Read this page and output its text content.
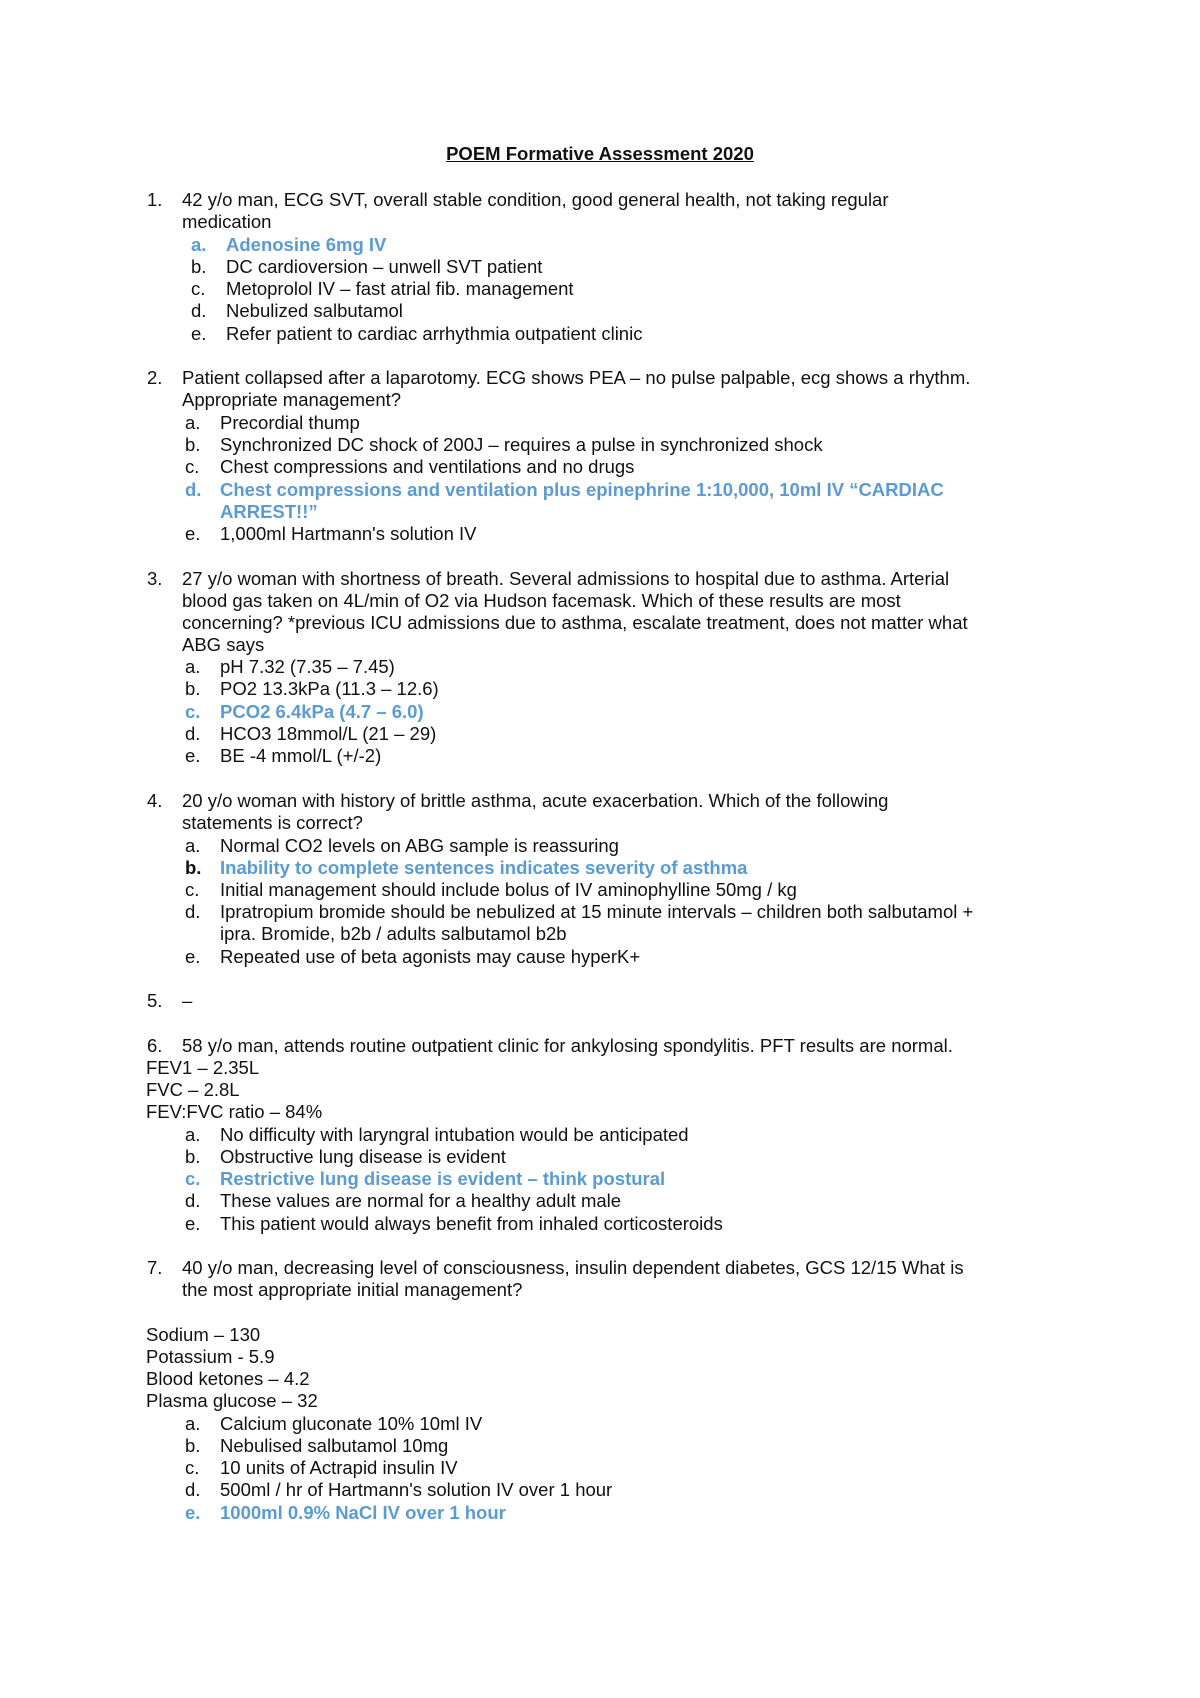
POEM Formative Assessment 2020
1. 42 y/o man, ECG SVT, overall stable condition, good general health, not taking regular
medication
a. Adenosine 6mg IV
b. DC cardioversion – unwell SVT patient
c. Metoprolol IV – fast atrial fib. management
d. Nebulized salbutamol
e. Refer patient to cardiac arrhythmia outpatient clinic
2. Patient collapsed after a laparotomy. ECG shows PEA – no pulse palpable, ecg shows a rhythm.
Appropriate management?
a. Precordial thump
b. Synchronized DC shock of 200J – requires a pulse in synchronized shock
c. Chest compressions and ventilations and no drugs
d. Chest compressions and ventilation plus epinephrine 1:10,000, 10ml IV “CARDIAC
ARREST!!”
e. 1,000ml Hartmann's solution IV
3. 27 y/o woman with shortness of breath. Several admissions to hospital due to asthma. Arterial
blood gas taken on 4L/min of O2 via Hudson facemask. Which of these results are most
concerning? *previous ICU admissions due to asthma, escalate treatment, does not matter what
ABG says
a. pH 7.32 (7.35 – 7.45)
b. PO2 13.3kPa (11.3 – 12.6)
c. PCO2 6.4kPa (4.7 – 6.0)
d. HCO3 18mmol/L (21 – 29)
e. BE -4 mmol/L (+/-2)
4. 20 y/o woman with history of brittle asthma, acute exacerbation. Which of the following
statements is correct?
a. Normal CO2 levels on ABG sample is reassuring
b. Inability to complete sentences indicates severity of asthma
c. Initial management should include bolus of IV aminophylline 50mg / kg
d. Ipratropium bromide should be nebulized at 15 minute intervals – children both salbutamol +
ipra. Bromide, b2b / adults salbutamol b2b
e. Repeated use of beta agonists may cause hyperK+
5. –
6. 58 y/o man, attends routine outpatient clinic for ankylosing spondylitis. PFT results are normal.
FEV1 – 2.35L
FVC – 2.8L
FEV:FVC ratio – 84%
a. No difficulty with laryngral intubation would be anticipated
b. Obstructive lung disease is evident
c. Restrictive lung disease is evident – think postural
d. These values are normal for a healthy adult male
e. This patient would always benefit from inhaled corticosteroids
7. 40 y/o man, decreasing level of consciousness, insulin dependent diabetes, GCS 12/15 What is
the most appropriate initial management?
Sodium – 130
Potassium - 5.9
Blood ketones – 4.2
Plasma glucose – 32
a. Calcium gluconate 10% 10ml IV
b. Nebulised salbutamol 10mg
c. 10 units of Actrapid insulin IV
d. 500ml / hr of Hartmann's solution IV over 1 hour
e. 1000ml 0.9% NaCl IV over 1 hour
